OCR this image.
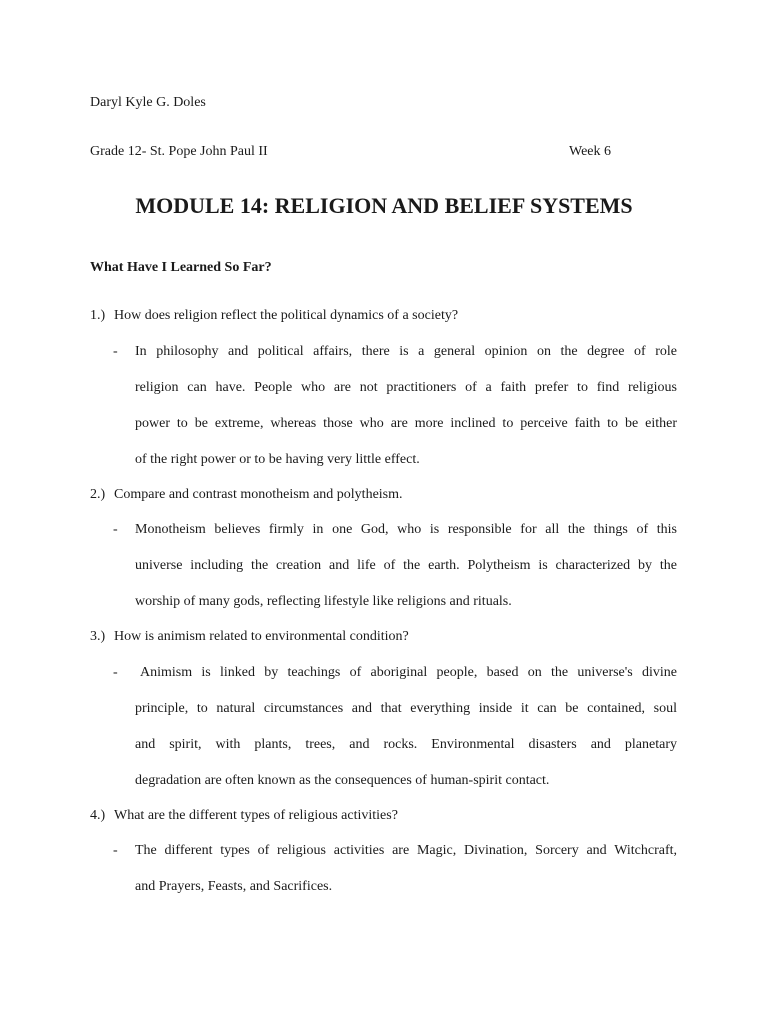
Daryl Kyle G. Doles
Grade 12- St. Pope John Paul II	Week 6
MODULE 14: RELIGION AND BELIEF SYSTEMS
What Have I Learned So Far?
1.) How does religion reflect the political dynamics of a society?
- In philosophy and political affairs, there is a general opinion on the degree of role
religion can have. People who are not practitioners of a faith prefer to find religious
power to be extreme, whereas those who are more inclined to perceive faith to be either
of the right power or to be having very little effect.
2.) Compare and contrast monotheism and polytheism.
- Monotheism believes firmly in one God, who is responsible for all the things of this
universe including the creation and life of the earth. Polytheism is characterized by the
worship of many gods, reflecting lifestyle like religions and rituals.
3.) How is animism related to environmental condition?
-	Animism is linked by teachings of aboriginal people, based on the universe's divine
principle, to natural circumstances and that everything inside it can be contained, soul
and spirit, with plants, trees, and rocks. Environmental disasters and planetary
degradation are often known as the consequences of human-spirit contact.
4.) What are the different types of religious activities?
- The different types of religious activities are Magic, Divination, Sorcery and Witchcraft,
and Prayers, Feasts, and Sacrifices.
